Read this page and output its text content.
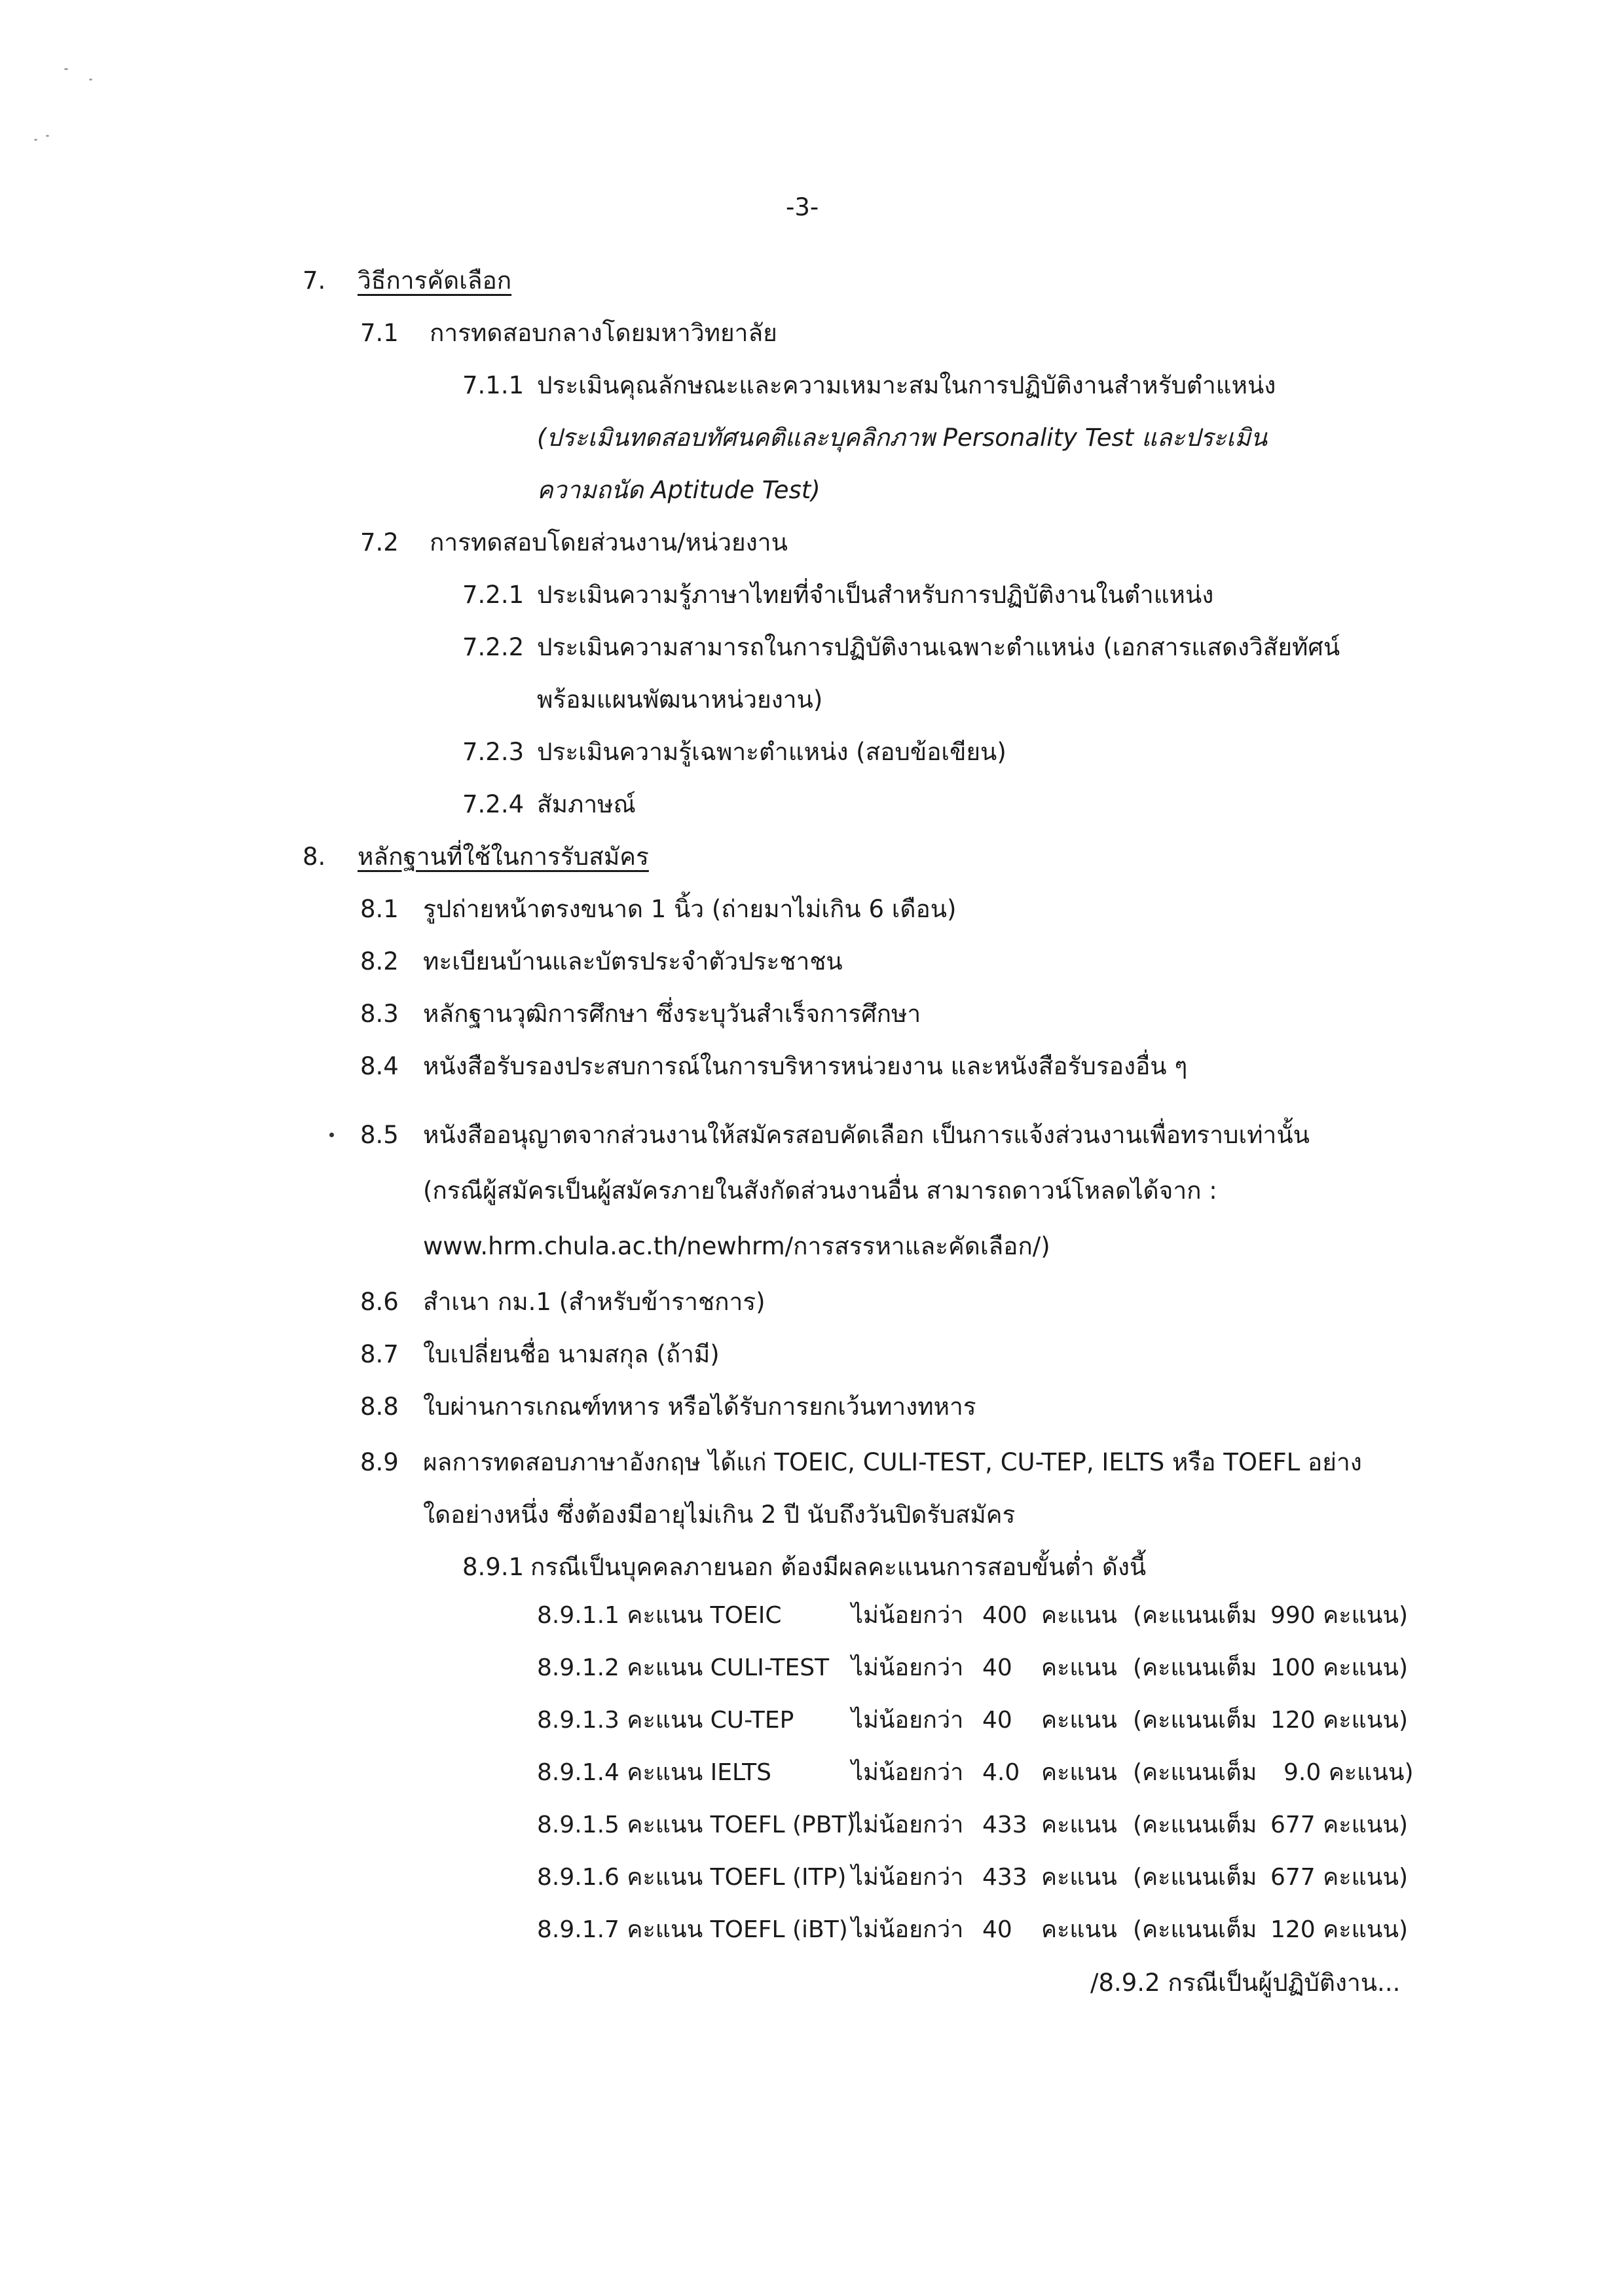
-3-
7. วิธีการคัดเลือก
7.1 การทดสอบกลางโดยมหาวิทยาลัย
7.1.1 ประเมินคุณลักษณะและความเหมาะสมในการปฏิบัติงานสำหรับตำแหน่ง
(ประเมินทดสอบทัศนคติและบุคลิกภาพ Personality Test และประเมิน
ความถนัด Aptitude Test)
7.2 การทดสอบโดยส่วนงาน/หน่วยงาน
7.2.1 ประเมินความรู้ภาษาไทยที่จำเป็นสำหรับการปฏิบัติงานในตำแหน่ง
7.2.2 ประเมินความสามารถในการปฏิบัติงานเฉพาะตำแหน่ง (เอกสารแสดงวิสัยทัศน์
พร้อมแผนพัฒนาหน่วยงาน)
7.2.3 ประเมินความรู้เฉพาะตำแหน่ง (สอบข้อเขียน)
7.2.4 สัมภาษณ์
8. หลักฐานที่ใช้ในการรับสมัคร
8.1 รูปถ่ายหน้าตรงขนาด 1 นิ้ว (ถ่ายมาไม่เกิน 6 เดือน)
8.2 ทะเบียนบ้านและบัตรประจำตัวประชาชน
8.3 หลักฐานวุฒิการศึกษา ซึ่งระบุวันสำเร็จการศึกษา
8.4 หนังสือรับรองประสบการณ์ในการบริหารหน่วยงาน และหนังสือรับรองอื่น ๆ
8.5 หนังสืออนุญาตจากส่วนงานให้สมัครสอบคัดเลือก เป็นการแจ้งส่วนงานเพื่อทราบเท่านั้น
(กรณีผู้สมัครเป็นผู้สมัครภายในสังกัดส่วนงานอื่น สามารถดาวน์โหลดได้จาก :
www.hrm.chula.ac.th/newhrm/การสรรหาและคัดเลือก/)
8.6 สำเนา กม.1 (สำหรับข้าราชการ)
8.7 ใบเปลี่ยนชื่อ นามสกุล (ถ้ามี)
8.8 ใบผ่านการเกณฑ์ทหาร หรือได้รับการยกเว้นทางทหาร
8.9 ผลการทดสอบภาษาอังกฤษ ได้แก่ TOEIC, CULI-TEST, CU-TEP, IELTS หรือ TOEFL อย่าง
ใดอย่างหนึ่ง ซึ่งต้องมีอายุไม่เกิน 2 ปี นับถึงวันปิดรับสมัคร
8.9.1 กรณีเป็นบุคคลภายนอก ต้องมีผลคะแนนการสอบขั้นต่ำ ดังนี้
8.9.1.1 คะแนน TOEIC	ไม่น้อยกว่า 400 คะแนน (คะแนนเต็ม 990 คะแนน)
8.9.1.2 คะแนน CULI-TEST ไม่น้อยกว่า 40 คะแนน (คะแนนเต็ม 100 คะแนน)
8.9.1.3 คะแนน CU-TEP ไม่น้อยกว่า 40 คะแนน (คะแนนเต็ม 120 คะแนน)
8.9.1.4 คะแนน IELTS	ไม่น้อยกว่า 4.0 คะแนน (คะแนนเต็ม 9.0 คะแนน)
8.9.1.5 คะแนน TOEFL (PBT)
ไม่น้อยกว่า 433 คะแนน (คะแนนเต็ม 677 คะแนน)
8.9.1.6 คะแนน TOEFL (ITP) ไม่น้อยกว่า 433 คะแนน (คะแนนเต็ม 677 คะแนน)
8.9.1.7 คะแนน TOEFL (iBT) ไม่น้อยกว่า 40 คะแนน (คะแนนเต็ม 120 คะแนน)
/8.9.2 กรณีเป็นผู้ปฏิบัติงาน...
